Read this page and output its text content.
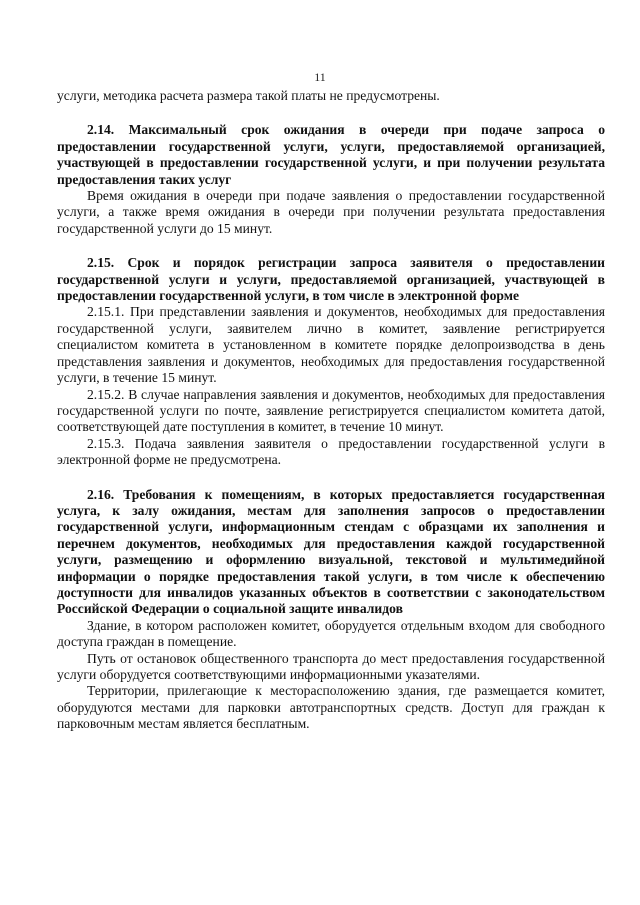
11

услуги, методика расчета размера такой платы не предусмотрены.

2.14. Максимальный срок ожидания в очереди при подаче запроса о предоставлении государственной услуги, услуги, предоставляемой организацией, участвующей в предоставлении государственной услуги, и при получении результата предоставления таких услуг

Время ожидания в очереди при подаче заявления о предоставлении государственной услуги, а также время ожидания в очереди при получении результата предоставления государственной услуги до 15 минут.

2.15. Срок и порядок регистрации запроса заявителя о предоставлении государственной услуги и услуги, предоставляемой организацией, участвующей в предоставлении государственной услуги, в том числе в электронной форме

2.15.1. При представлении заявления и документов, необходимых для предоставления государственной услуги, заявителем лично в комитет, заявление регистрируется специалистом комитета в установленном в комитете порядке делопроизводства в день представления заявления и документов, необходимых для предоставления государственной услуги, в течение 15 минут.

2.15.2. В случае направления заявления и документов, необходимых для предоставления государственной услуги по почте, заявление регистрируется специалистом комитета датой, соответствующей дате поступления в комитет, в течение 10 минут.

2.15.3. Подача заявления заявителя о предоставлении государственной услуги в электронной форме не предусмотрена.

2.16. Требования к помещениям, в которых предоставляется государственная услуга, к залу ожидания, местам для заполнения запросов о предоставлении государственной услуги, информационным стендам с образцами их заполнения и перечнем документов, необходимых для предоставления каждой государственной услуги, размещению и оформлению визуальной, текстовой и мультимедийной информации о порядке предоставления такой услуги, в том числе к обеспечению доступности для инвалидов указанных объектов в соответствии с законодательством Российской Федерации о социальной защите инвалидов

Здание, в котором расположен комитет, оборудуется отдельным входом для свободного доступа граждан в помещение.

Путь от остановок общественного транспорта до мест предоставления государственной услуги оборудуется соответствующими информационными указателями.

Территории, прилегающие к месторасположению здания, где размещается комитет, оборудуются местами для парковки автотранспортных средств. Доступ для граждан к парковочным местам является бесплатным.
